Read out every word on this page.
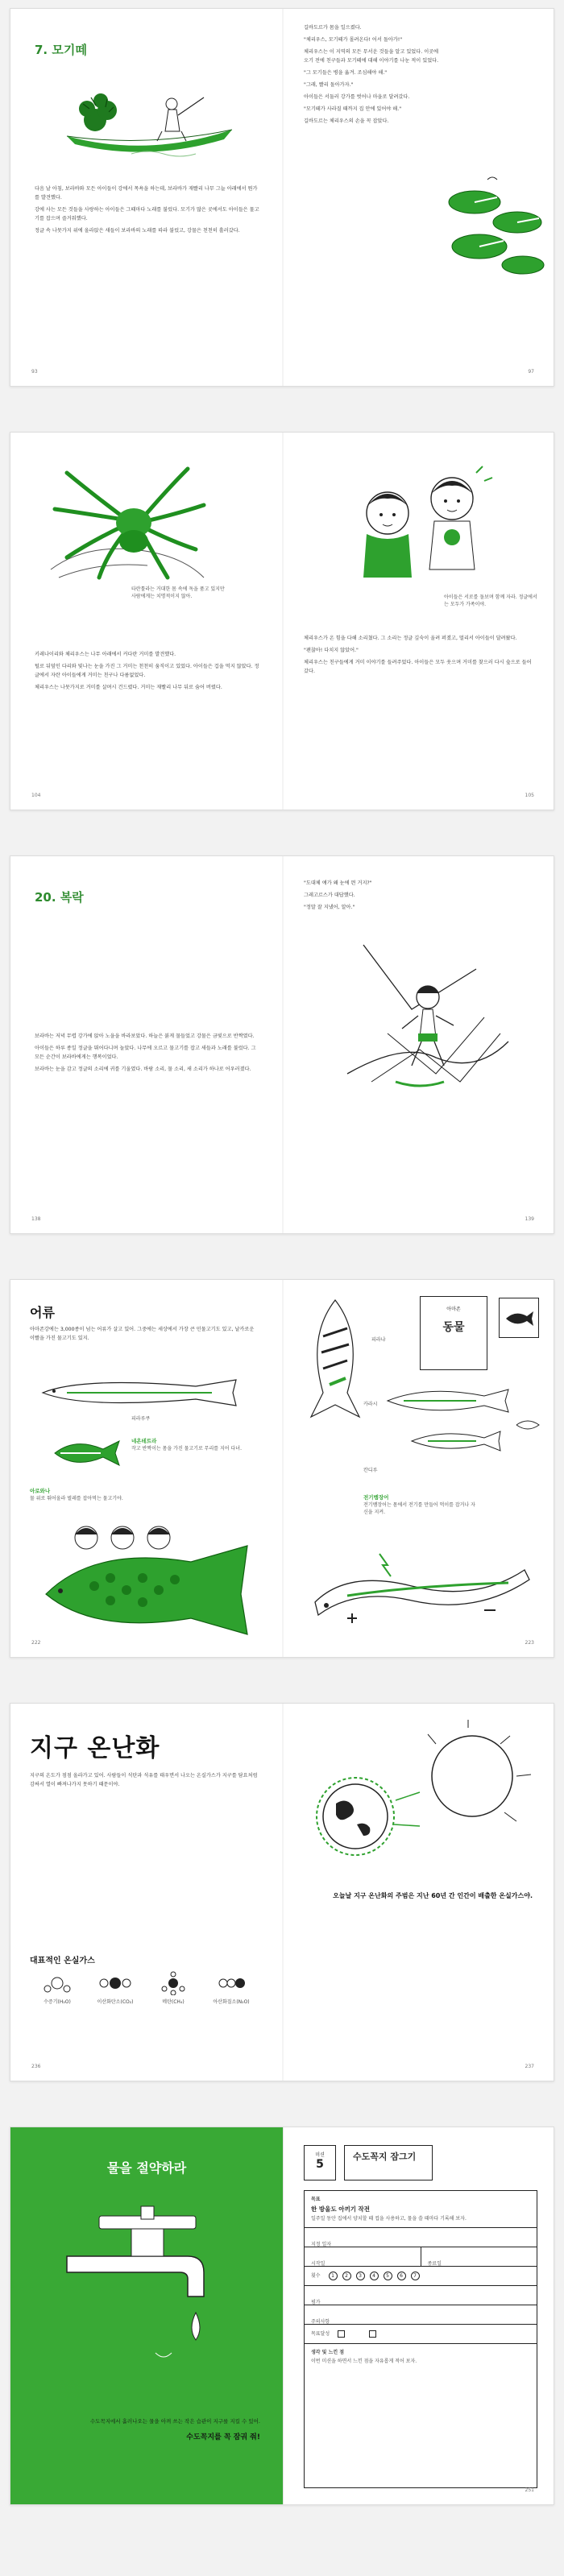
7. 모기떼

다음 날 아침, 보라바와 모든 아이들이 강에서 목욕을 하는데, 보라바가 재빨리 나무 그늘 아래에서 뭔가를 발견했다.

강에 사는 모든 것들을 사랑하는 아이들은 그때마다 노래를 불렀다. 모기가 많은 곳에서도 아이들은 물고기를 잡으며 즐거워했다.

정글 속 나뭇가지 위에 올라앉은 새들이 보라바의 노래를 따라 불렀고, 강물은 천천히 흘러갔다.

93

길바도르가 몸을 일으켰다.

"체리우스, 모기떼가 몰려온다! 어서 돌아가!"

체리우스는 이 지역의 모든 무서운 것들을 알고 있었다. 이곳에 오기 전에 친구들과 모기떼에 대해 이야기를 나눈 적이 있었다.

"그 모기들은 병을 옮겨. 조심해야 해."

"그래, 빨리 돌아가자."

아이들은 서둘러 강가를 벗어나 마을로 달려갔다.

"모기떼가 사라질 때까지 집 안에 있어야 해."

길바도르는 체리우스의 손을 꼭 잡았다.

97
타란툴라는 거대한 몸 속에 독을 품고 있지만 사람에게는 치명적이지 않아.

키레나이리와 체리우스는 나무 아래에서 커다란 거미를 발견했다.

털로 뒤덮인 다리와 빛나는 눈을 가진 그 거미는 천천히 움직이고 있었다. 아이들은 겁을 먹지 않았다. 정글에서 자란 아이들에게 거미는 친구나 다름없었다.

체리우스는 나뭇가지로 거미를 살며시 건드렸다. 거미는 재빨리 나무 뒤로 숨어 버렸다.

104
아이들은 서로를 돌보며 함께 자라. 정글에서는 모두가 가족이야.

체리우스가 온 힘을 다해 소리쳤다. 그 소리는 정글 깊숙이 울려 퍼졌고, 멀리서 아이들이 달려왔다.

"괜찮아! 다치지 않았어."

체리우스는 친구들에게 거미 이야기를 들려주었다. 아이들은 모두 웃으며 거미를 찾으러 다시 숲으로 들어갔다.

105
20. 복락

보라바는 저녁 무렵 강가에 앉아 노을을 바라보았다. 하늘은 붉게 물들었고 강물은 금빛으로 반짝였다.

아이들은 하루 종일 정글을 뛰어다니며 놀았다. 나무에 오르고 물고기를 잡고 새들과 노래를 불렀다. 그 모든 순간이 보라바에게는 행복이었다.

보라바는 눈을 감고 정글의 소리에 귀를 기울였다. 바람 소리, 물 소리, 새 소리가 하나로 어우러졌다.

138

"도대체 얘가 왜 눈에 띈 거지?"

그레고르스가 대답했다.

"정말 잘 지냈어, 알아."

139
어류
아마존강에는 3,000종이 넘는 어류가 살고 있어. 그중에는 세상에서 가장 큰 민물고기도 있고, 날카로운 이빨을 가진 물고기도 있지.
피라루쿠
네온테트라
작고 반짝이는 몸을 가진 물고기로 무리를 지어 다녀.
아로와나
물 위로 뛰어올라 벌레를 잡아먹는 물고기야.
222
아마존
동물
피라냐
카라시
칸디루
전기뱀장어
전기뱀장어는 몸에서 전기를 만들어 먹이를 잡거나 자신을 지켜.
223
지구 온난화
지구의 온도가 점점 올라가고 있어. 사람들이 석탄과 석유를 태우면서 나오는 온실가스가 지구를 담요처럼 감싸서 열이 빠져나가지 못하기 때문이야.
대표적인 온실가스
수증기(H₂O)	이산화탄소(CO₂)	메탄(CH₄)	아산화질소(N₂O)
236
오늘날 지구 온난화의 주범은 지난 60년 간 인간이 배출한 온실가스야.
237
물을 절약하라
수도꼭지에서 흘러나오는 물을 아껴 쓰는 작은 습관이 지구를 지킬 수 있어.
수도꼭지를 꼭 잠궈 줘!
미션
5
수도꼭지 잠그기
목표
한 방울도 아끼기 작전
일주일 동안 집에서 양치할 때 컵을 사용하고, 물을 쓸 때마다 기록해 보자.
지정 일자
시작일	종료일
횟수	1	2	3	4	5	6	7
평가
주의사항
목표달성
생각 및 느낀 점
이번 미션을 하면서 느낀 점을 자유롭게 적어 보자.
251
